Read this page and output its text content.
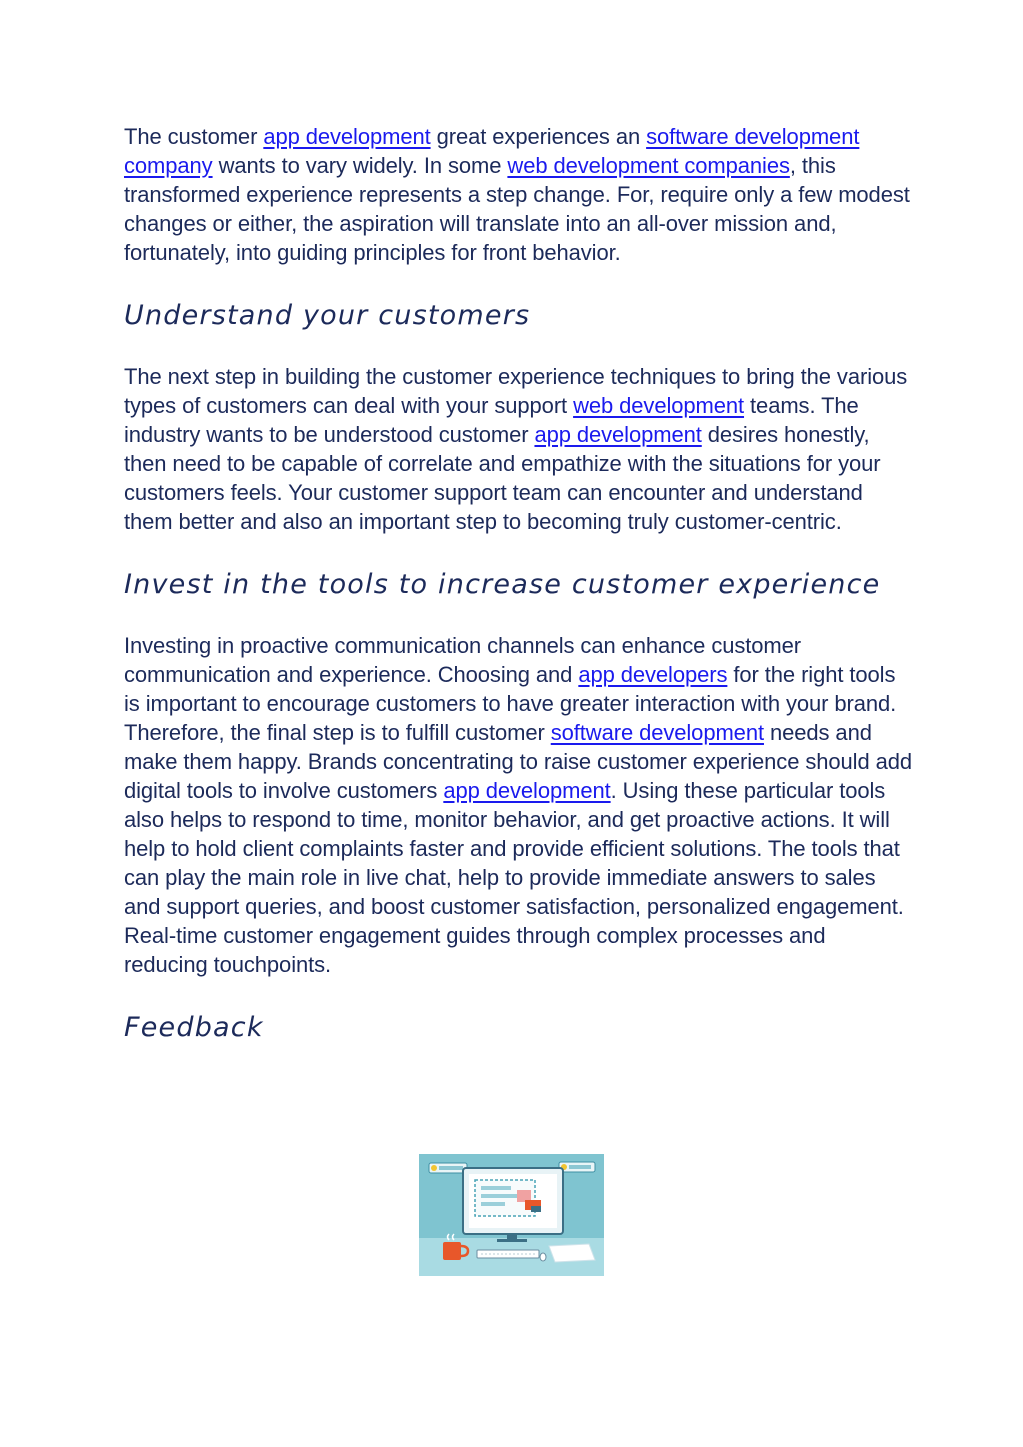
The customer app development great experiences an software development company wants to vary widely. In some web development companies, this transformed experience represents a step change. For, require only a few modest changes or either, the aspiration will translate into an all-over mission and, fortunately, into guiding principles for front behavior.

Understand your customers

The next step in building the customer experience techniques to bring the various types of customers can deal with your support web development teams. The industry wants to be understood customer app development desires honestly, then need to be capable of correlate and empathize with the situations for your customers feels. Your customer support team can encounter and understand them better and also an important step to becoming truly customer-centric.

Invest in the tools to increase customer experience

Investing in proactive communication channels can enhance customer communication and experience. Choosing and app developers for the right tools is important to encourage customers to have greater interaction with your brand. Therefore, the final step is to fulfill customer software development needs and make them happy. Brands concentrating to raise customer experience should add digital tools to involve customers app development. Using these particular tools also helps to respond to time, monitor behavior, and get proactive actions. It will help to hold client complaints faster and provide efficient solutions. The tools that can play the main role in live chat, help to provide immediate answers to sales and support queries, and boost customer satisfaction, personalized engagement. Real-time customer engagement guides through complex processes and reducing touchpoints.

Feedback
